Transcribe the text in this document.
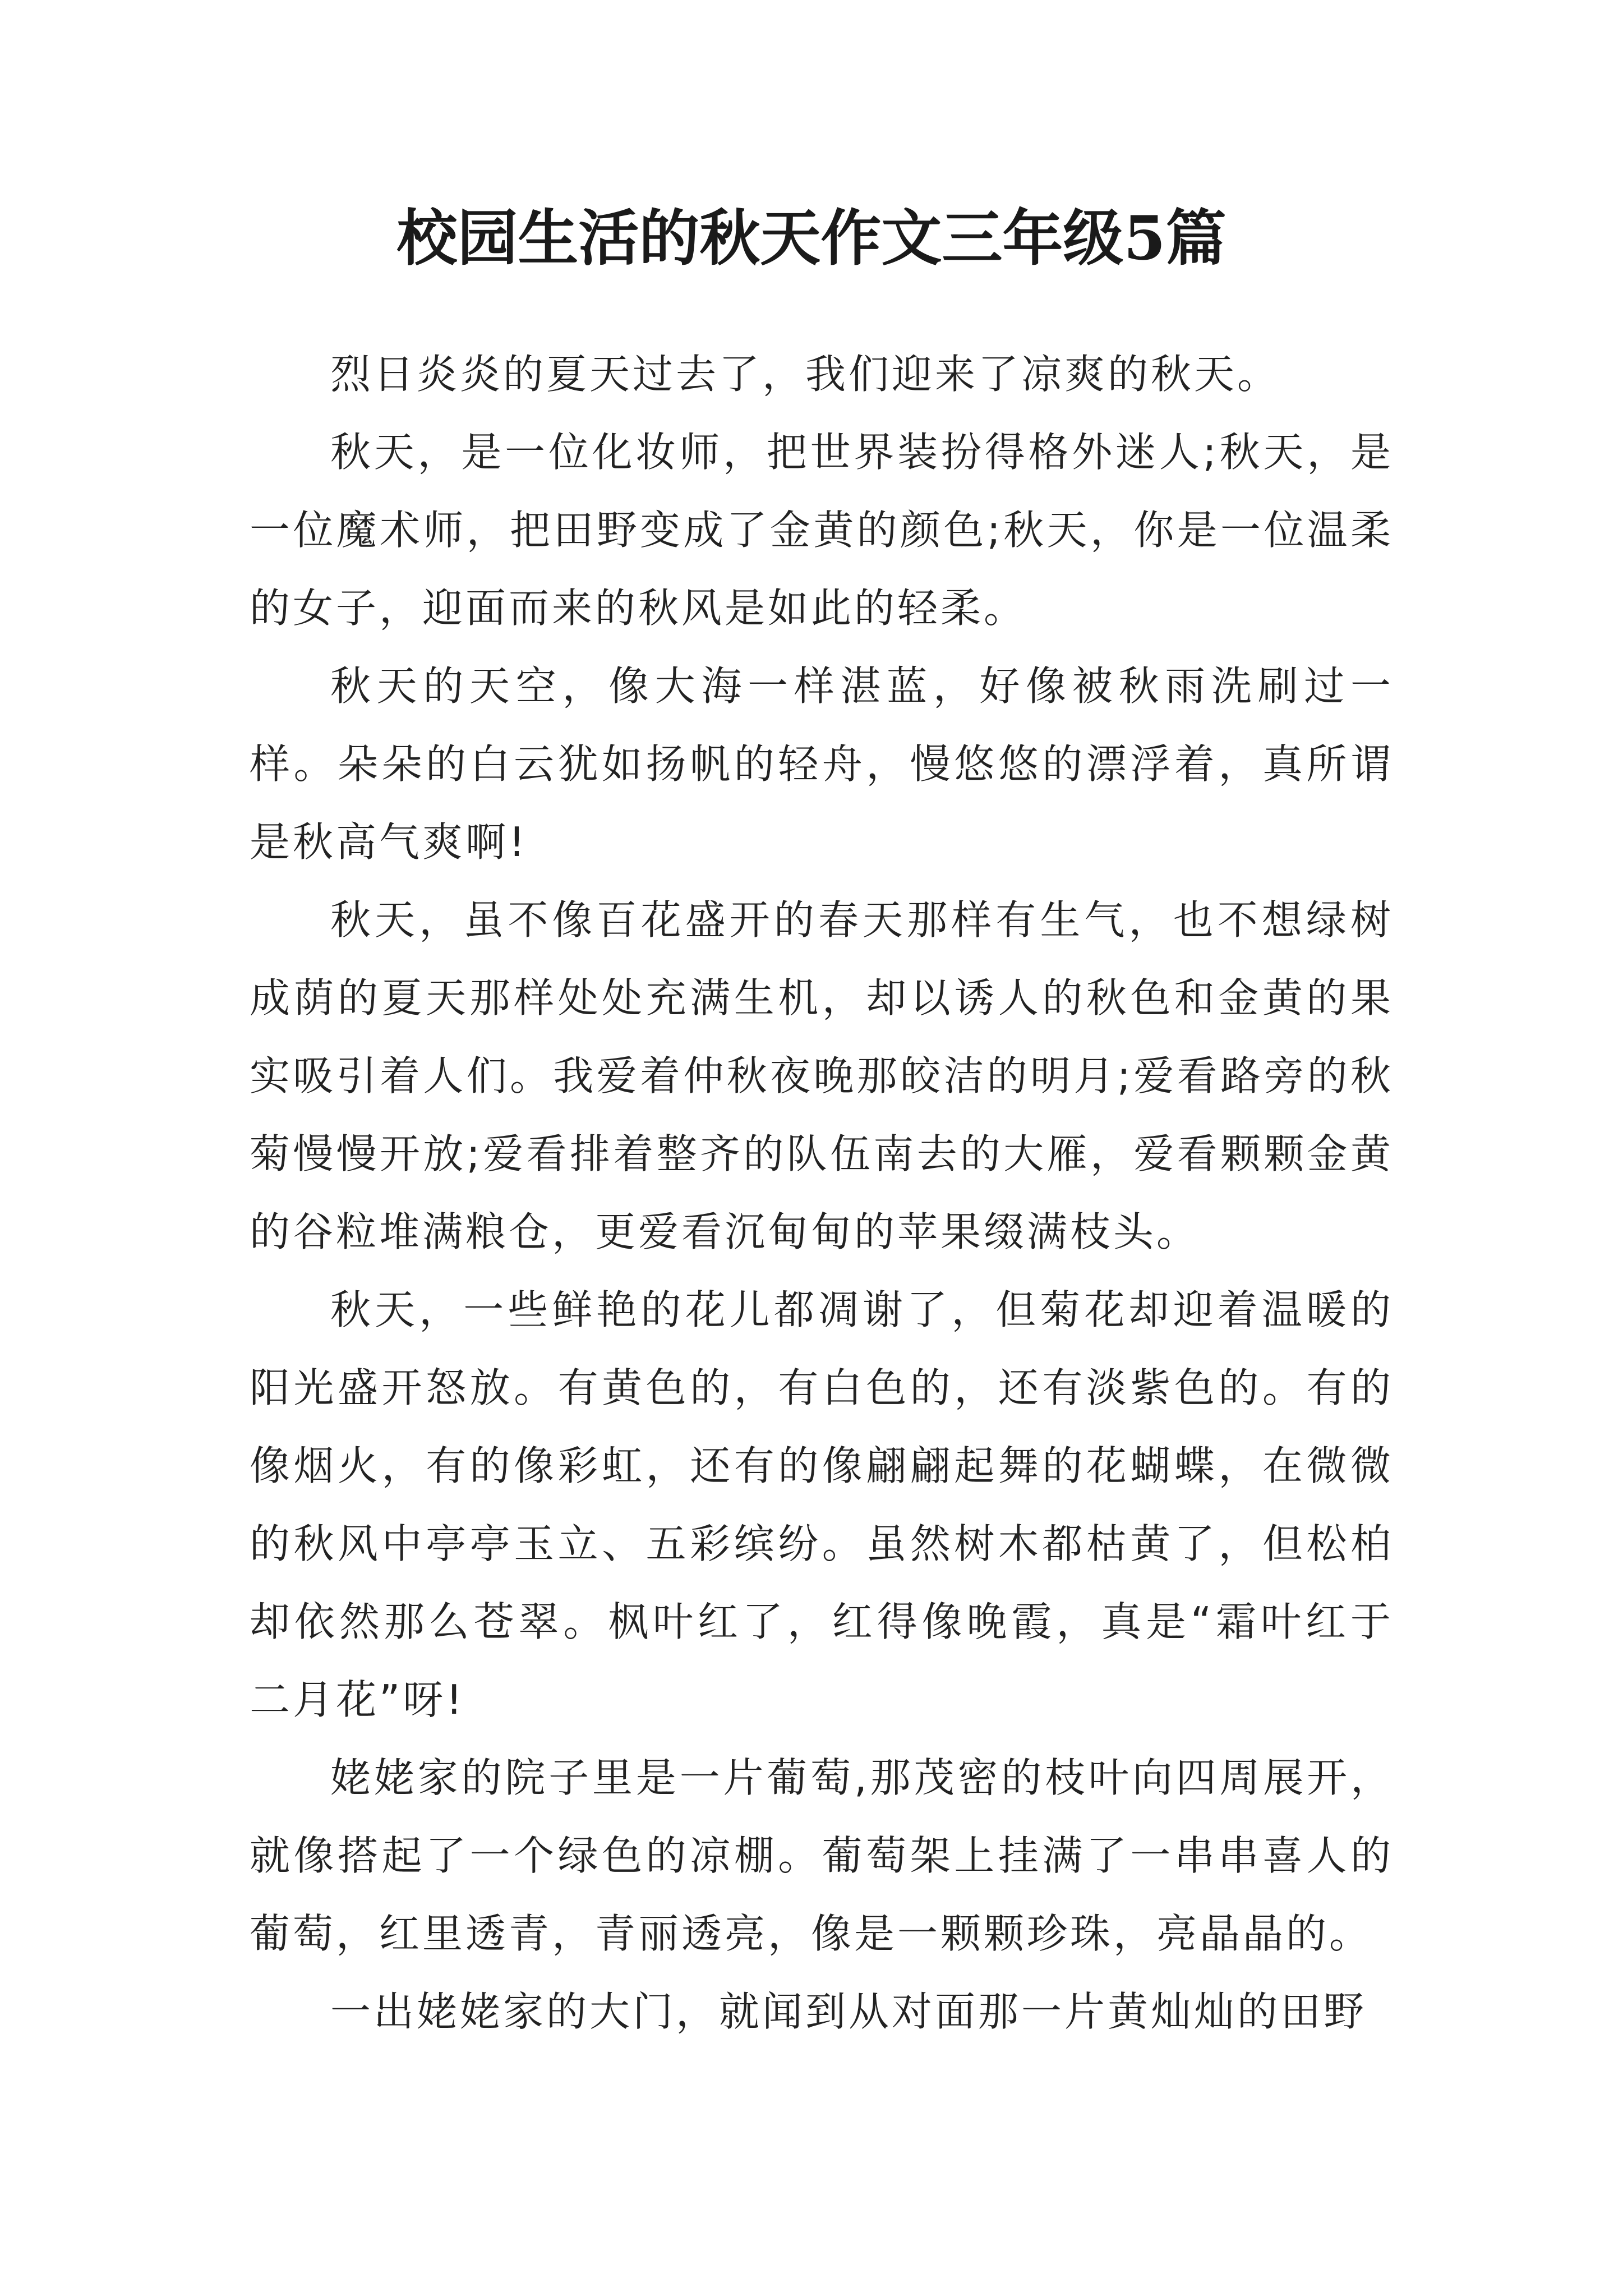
校园生活的秋天作文三年级5篇

烈日炎炎的夏天过去了，我们迎来了凉爽的秋天。

秋天，是一位化妆师，把世界装扮得格外迷人;秋天，是一位魔术师，把田野变成了金黄的颜色;秋天，你是一位温柔的女子，迎面而来的秋风是如此的轻柔。

秋天的天空，像大海一样湛蓝，好像被秋雨洗刷过一样。朵朵的白云犹如扬帆的轻舟，慢悠悠的漂浮着，真所谓是秋高气爽啊!

秋天，虽不像百花盛开的春天那样有生气，也不想绿树成荫的夏天那样处处充满生机，却以诱人的秋色和金黄的果实吸引着人们。我爱着仲秋夜晚那皎洁的明月;爱看路旁的秋菊慢慢开放;爱看排着整齐的队伍南去的大雁，爱看颗颗金黄的谷粒堆满粮仓，更爱看沉甸甸的苹果缀满枝头。

秋天，一些鲜艳的花儿都凋谢了，但菊花却迎着温暖的阳光盛开怒放。有黄色的，有白色的，还有淡紫色的。有的像烟火，有的像彩虹，还有的像翩翩起舞的花蝴蝶，在微微的秋风中亭亭玉立、五彩缤纷。虽然树木都枯黄了，但松柏却依然那么苍翠。枫叶红了，红得像晚霞，真是“霜叶红于二月花”呀!

姥姥家的院子里是一片葡萄,那茂密的枝叶向四周展开，就像搭起了一个绿色的凉棚。葡萄架上挂满了一串串喜人的葡萄，红里透青，青丽透亮，像是一颗颗珍珠，亮晶晶的。

一出姥姥家的大门，就闻到从对面那一片黄灿灿的田野
